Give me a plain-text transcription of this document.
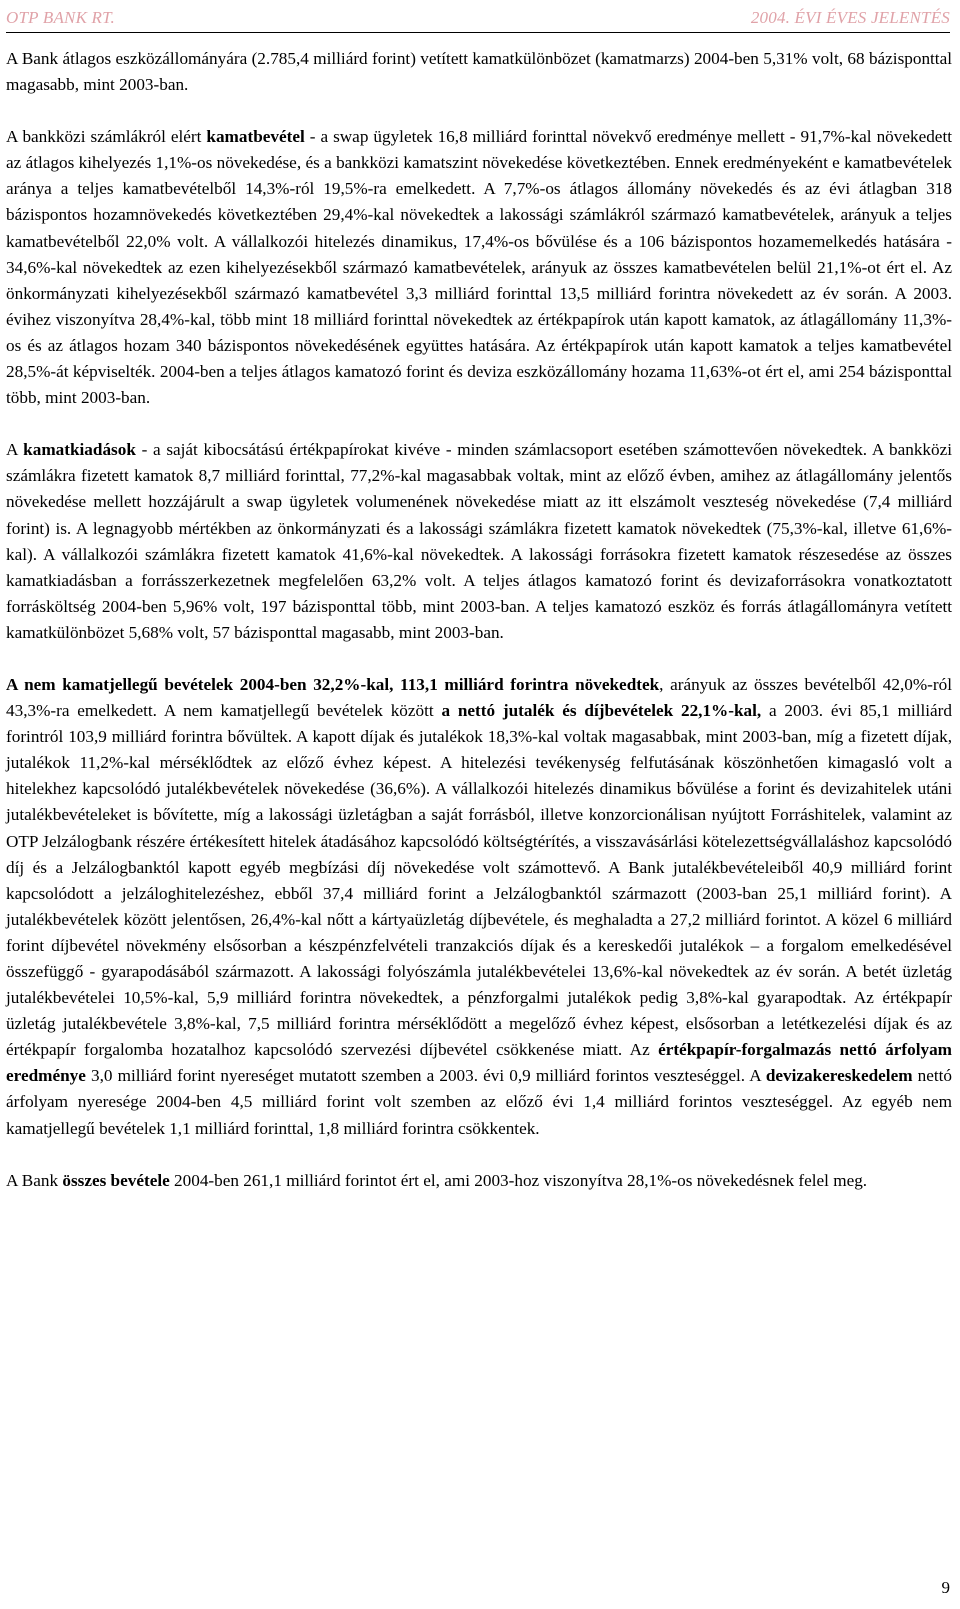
OTP BANK RT.	2004. ÉVI ÉVES JELENTÉS

A Bank átlagos eszközállományára (2.785,4 milliárd forint) vetített kamatkülönbözet (kamatmarzs) 2004-ben 5,31% volt, 68 bázisponttal magasabb, mint 2003-ban.

A bankközi számlákról elért kamatbevétel - a swap ügyletek 16,8 milliárd forinttal növekvő eredménye mellett - 91,7%-kal növekedett az átlagos kihelyezés 1,1%-os növekedése, és a bankközi kamatszint növekedése következtében. Ennek eredményeként e kamatbevételek aránya a teljes kamatbevételből 14,3%-ról 19,5%-ra emelkedett. A 7,7%-os átlagos állomány növekedés és az évi átlagban 318 bázispontos hozamnövekedés következtében 29,4%-kal növekedtek a lakossági számlákról származó kamatbevételek, arányuk a teljes kamatbevételből 22,0% volt. A vállalkozói hitelezés dinamikus, 17,4%-os bővülése és a 106 bázispontos hozamemelkedés hatására - 34,6%-kal növekedtek az ezen kihelyezésekből származó kamatbevételek, arányuk az összes kamatbevételen belül 21,1%-ot ért el. Az önkormányzati kihelyezésekből származó kamatbevétel 3,3 milliárd forinttal 13,5 milliárd forintra növekedett az év során. A 2003. évihez viszonyítva 28,4%-kal, több mint 18 milliárd forinttal növekedtek az értékpapírok után kapott kamatok, az átlagállomány 11,3%-os és az átlagos hozam 340 bázispontos növekedésének együttes hatására. Az értékpapírok után kapott kamatok a teljes kamatbevétel 28,5%-át képviselték. 2004-ben a teljes átlagos kamatozó forint és deviza eszközállomány hozama 11,63%-ot ért el, ami 254 bázisponttal több, mint 2003-ban.

A kamatkiadások - a saját kibocsátású értékpapírokat kivéve - minden számlacsoport esetében számottevően növekedtek. A bankközi számlákra fizetett kamatok 8,7 milliárd forinttal, 77,2%-kal magasabbak voltak, mint az előző évben, amihez az átlagállomány jelentős növekedése mellett hozzájárult a swap ügyletek volumenének növekedése miatt az itt elszámolt veszteség növekedése (7,4 milliárd forint) is. A legnagyobb mértékben az önkormányzati és a lakossági számlákra fizetett kamatok növekedtek (75,3%-kal, illetve 61,6%-kal). A vállalkozói számlákra fizetett kamatok 41,6%-kal növekedtek. A lakossági forrásokra fizetett kamatok részesedése az összes kamatkiadásban a forrásszerkezetnek megfelelően 63,2% volt. A teljes átlagos kamatozó forint és devizaforrásokra vonatkoztatott forrásköltség 2004-ben 5,96% volt, 197 bázisponttal több, mint 2003-ban. A teljes kamatozó eszköz és forrás átlagállományra vetített kamatkülönbözet 5,68% volt, 57 bázisponttal magasabb, mint 2003-ban.

A nem kamatjellegű bevételek 2004-ben 32,2%-kal, 113,1 milliárd forintra növekedtek, arányuk az összes bevételből 42,0%-ról 43,3%-ra emelkedett. A nem kamatjellegű bevételek között a nettó jutalék és díjbevételek 22,1%-kal, a 2003. évi 85,1 milliárd forintról 103,9 milliárd forintra bővültek. A kapott díjak és jutalékok 18,3%-kal voltak magasabbak, mint 2003-ban, míg a fizetett díjak, jutalékok 11,2%-kal mérséklődtek az előző évhez képest. A hitelezési tevékenység felfutásának köszönhetően kimagasló volt a hitelekhez kapcsolódó jutalékbevételek növekedése (36,6%). A vállalkozói hitelezés dinamikus bővülése a forint és devizahitelek utáni jutalékbevételeket is bővítette, míg a lakossági üzletágban a saját forrásból, illetve konzorcionálisan nyújtott Forráshitelek, valamint az OTP Jelzálogbank részére értékesített hitelek átadásához kapcsolódó költségtérítés, a visszavásárlási kötelezettségvállaláshoz kapcsolódó díj és a Jelzálogbanktól kapott egyéb megbízási díj növekedése volt számottevő. A Bank jutalékbevételeiből 40,9 milliárd forint kapcsolódott a jelzáloghitelezéshez, ebből 37,4 milliárd forint a Jelzálogbanktól származott (2003-ban 25,1 milliárd forint). A jutalékbevételek között jelentősen, 26,4%-kal nőtt a kártyaüzletág díjbevétele, és meghaladta a 27,2 milliárd forintot. A közel 6 milliárd forint díjbevétel növekmény elsősorban a készpénzfelvételi tranzakciós díjak és a kereskedői jutalékok – a forgalom emelkedésével összefüggő - gyarapodásából származott. A lakossági folyószámla jutalékbevételei 13,6%-kal növekedtek az év során. A betét üzletág jutalékbevételei 10,5%-kal, 5,9 milliárd forintra növekedtek, a pénzforgalmi jutalékok pedig 3,8%-kal gyarapodtak. Az értékpapír üzletág jutalékbevétele 3,8%-kal, 7,5 milliárd forintra mérséklődött a megelőző évhez képest, elsősorban a letétkezelési díjak és az értékpapír forgalomba hozatalhoz kapcsolódó szervezési díjbevétel csökkenése miatt. Az értékpapír-forgalmazás nettó árfolyam eredménye 3,0 milliárd forint nyereséget mutatott szemben a 2003. évi 0,9 milliárd forintos veszteséggel. A devizakereskedelem nettó árfolyam nyeresége 2004-ben 4,5 milliárd forint volt szemben az előző évi 1,4 milliárd forintos veszteséggel. Az egyéb nem kamatjellegű bevételek 1,1 milliárd forinttal, 1,8 milliárd forintra csökkentek.

A Bank összes bevétele 2004-ben 261,1 milliárd forintot ért el, ami 2003-hoz viszonyítva 28,1%-os növekedésnek felel meg.

9
